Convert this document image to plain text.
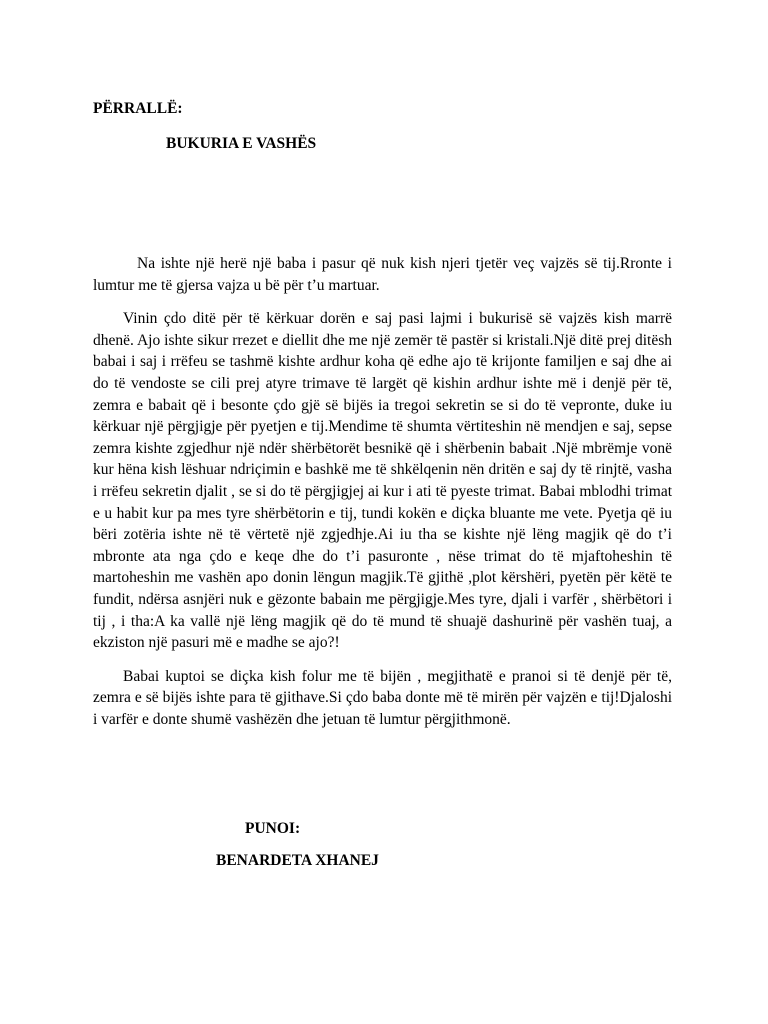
PËRRALLË:
BUKURIA E VASHËS

Na ishte një herë një baba i pasur që nuk kish njeri tjetër veç vajzës së tij.Rronte i lumtur me të gjersa vajza u bë për t’u martuar.

Vinin çdo ditë për të kërkuar dorën e saj pasi lajmi i bukurisë së vajzës kish marrë dhenë. Ajo ishte sikur rrezet e diellit dhe me një zemër të pastër si kristali.Një ditë prej ditësh babai i saj i rrëfeu se tashmë kishte ardhur koha që edhe ajo të krijonte familjen e saj dhe ai do të vendoste se cili prej atyre trimave të largët që kishin ardhur ishte më i denjë për të, zemra e babait që i besonte çdo gjë së bijës ia tregoi sekretin se si do të vepronte, duke iu kërkuar një përgjigje për pyetjen e tij.Mendime të shumta vërtiteshin në mendjen e saj, sepse zemra kishte zgjedhur një ndër shërbëtorët besnikë që i shërbenin babait .Një mbrëmje vonë kur hëna kish lëshuar ndriçimin e bashkë me të shkëlqenin nën dritën e saj dy të rinjtë, vasha i rrëfeu sekretin djalit , se si do të përgjigjej ai kur i ati të pyeste trimat. Babai mblodhi trimat e u habit kur pa mes tyre shërbëtorin e tij, tundi kokën e diçka bluante me vete. Pyetja që iu bëri zotëria ishte në të vërtetë një zgjedhje.Ai iu tha se kishte një lëng magjik që do t’i mbronte ata nga çdo e keqe dhe do t’i pasuronte , nëse trimat do të mjaftoheshin të martoheshin me vashën apo donin lëngun magjik.Të gjithë ,plot kërshëri, pyetën për këtë te fundit, ndërsa asnjëri nuk e gëzonte babain me përgjigje.Mes tyre, djali i varfër , shërbëtori i tij , i tha:A ka vallë një lëng magjik që do të mund të shuajë dashurinë për vashën tuaj, a ekziston një pasuri më e madhe se ajo?!

Babai kuptoi se diçka kish folur me të bijën , megjithatë e pranoi si të denjë për të, zemra e së bijës ishte para të gjithave.Si çdo baba donte më të mirën për vajzën e tij!Djaloshi i varfër e donte shumë vashëzën dhe jetuan të lumtur përgjithmonë.

PUNOI:
BENARDETA XHANEJ
